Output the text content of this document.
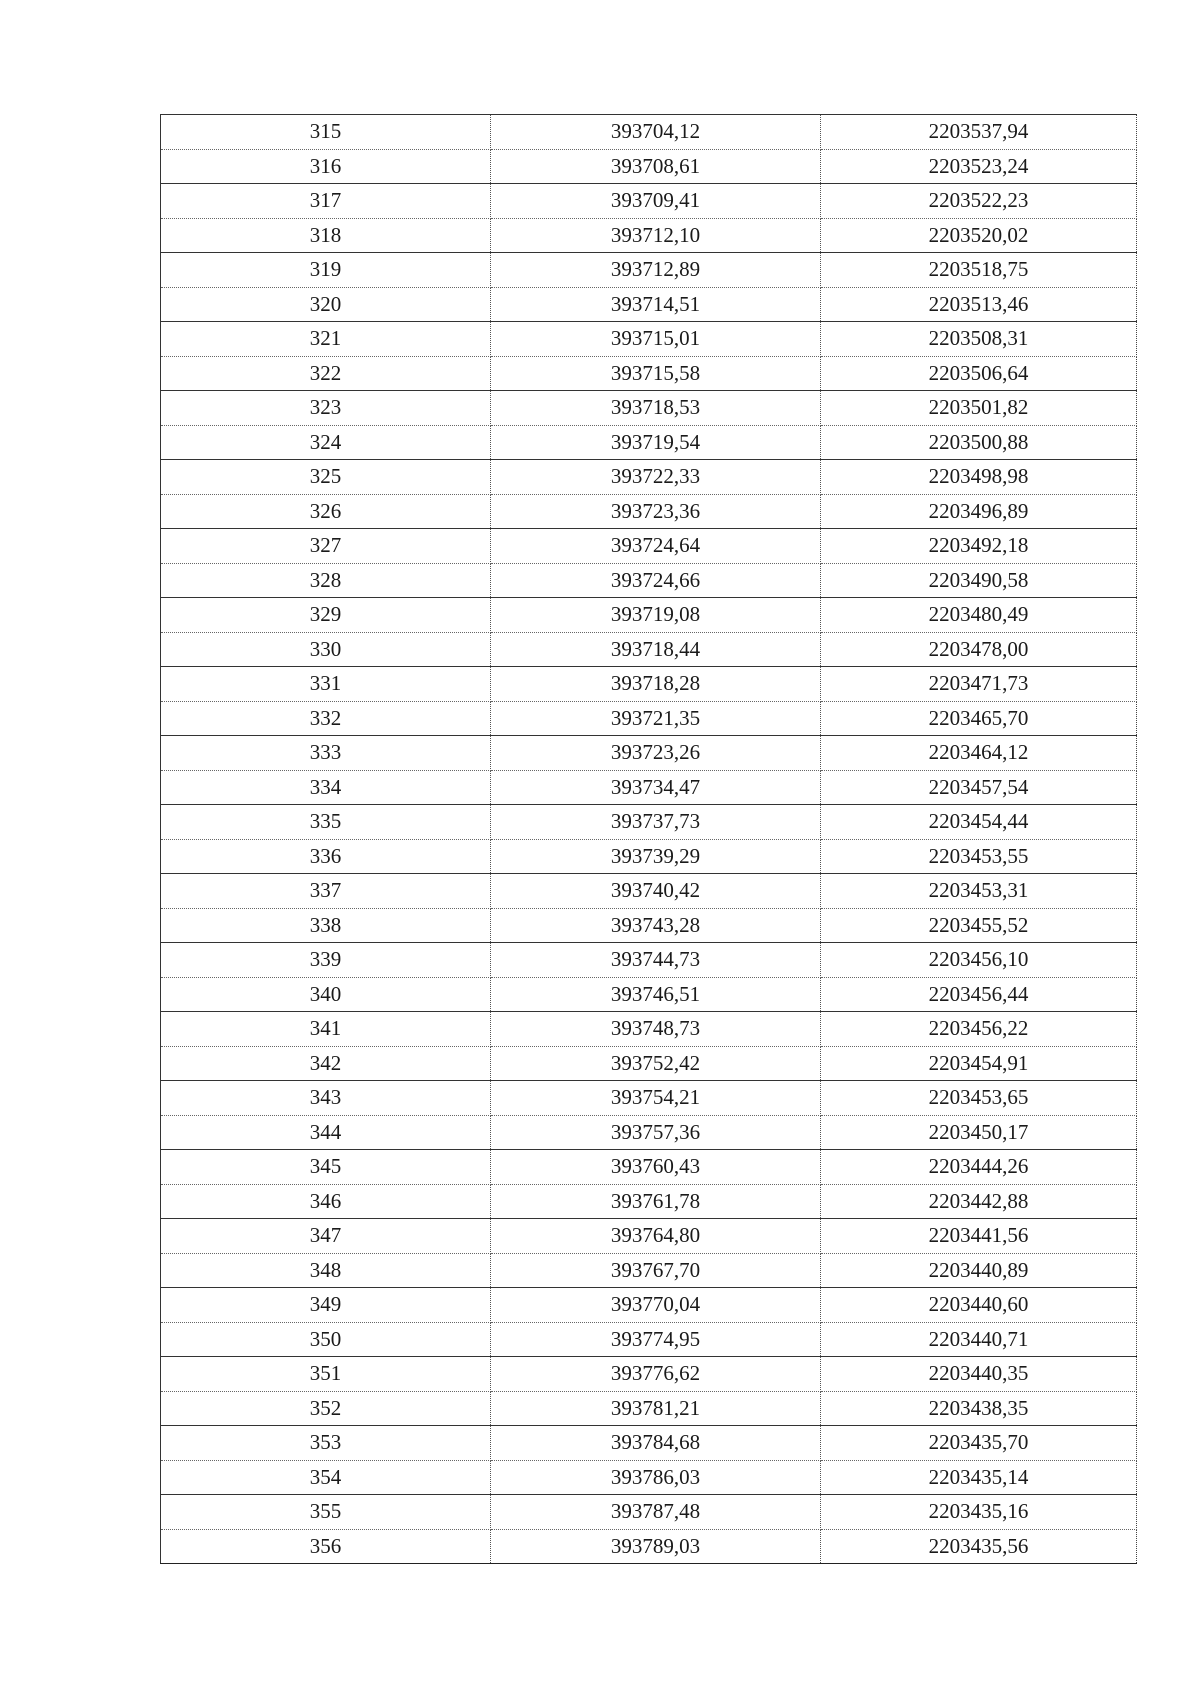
315	393704,12	2203537,94
316	393708,61	2203523,24
317	393709,41	2203522,23
318	393712,10	2203520,02
319	393712,89	2203518,75
320	393714,51	2203513,46
321	393715,01	2203508,31
322	393715,58	2203506,64
323	393718,53	2203501,82
324	393719,54	2203500,88
325	393722,33	2203498,98
326	393723,36	2203496,89
327	393724,64	2203492,18
328	393724,66	2203490,58
329	393719,08	2203480,49
330	393718,44	2203478,00
331	393718,28	2203471,73
332	393721,35	2203465,70
333	393723,26	2203464,12
334	393734,47	2203457,54
335	393737,73	2203454,44
336	393739,29	2203453,55
337	393740,42	2203453,31
338	393743,28	2203455,52
339	393744,73	2203456,10
340	393746,51	2203456,44
341	393748,73	2203456,22
342	393752,42	2203454,91
343	393754,21	2203453,65
344	393757,36	2203450,17
345	393760,43	2203444,26
346	393761,78	2203442,88
347	393764,80	2203441,56
348	393767,70	2203440,89
349	393770,04	2203440,60
350	393774,95	2203440,71
351	393776,62	2203440,35
352	393781,21	2203438,35
353	393784,68	2203435,70
354	393786,03	2203435,14
355	393787,48	2203435,16
356	393789,03	2203435,56
